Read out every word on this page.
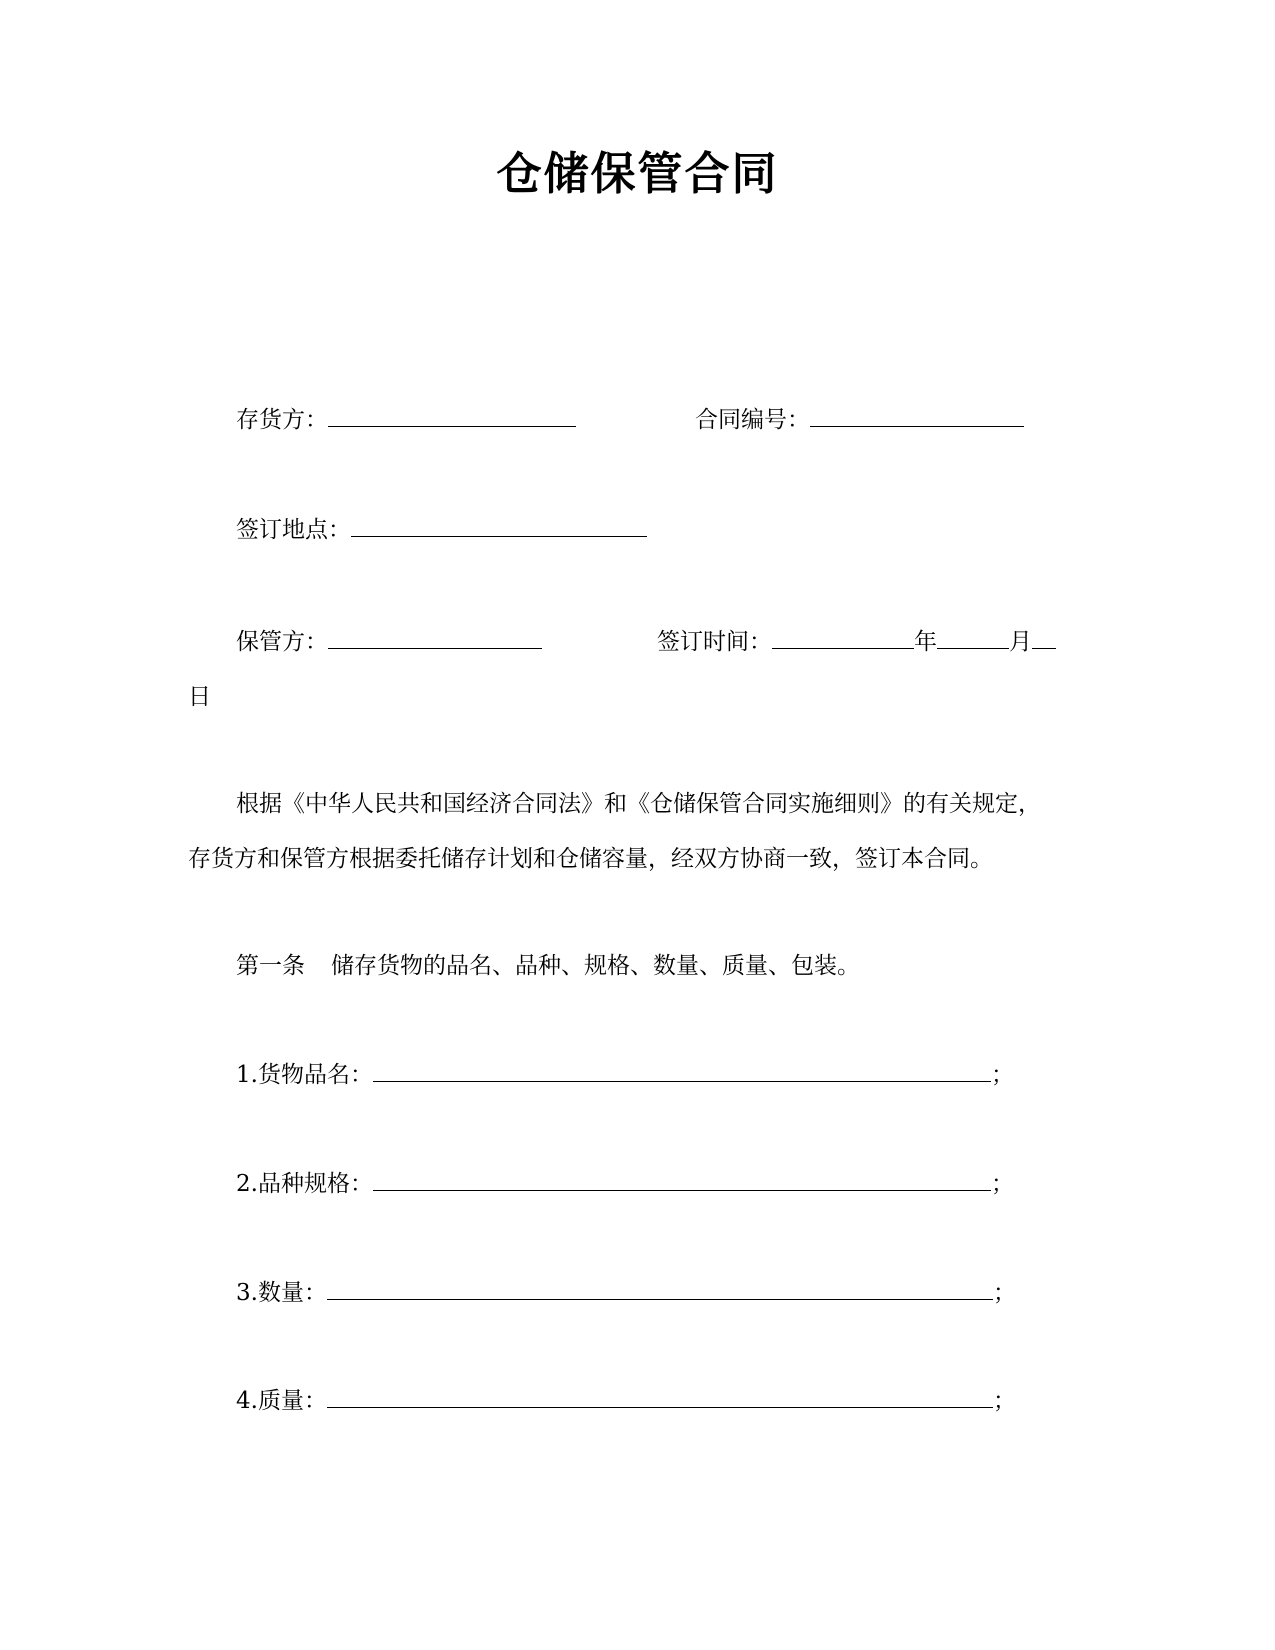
仓储保管合同
存货方：	合同编号：
签订地点：
保管方：	签订时间：	年	月
日
根据《中华人民共和国经济合同法》和《仓储保管合同实施细则》的有关规定，
存货方和保管方根据委托储存计划和仓储容量，经双方协商一致，签订本合同。
第一条 储存货物的品名、品种、规格、数量、质量、包装。
1.货物品名：	；
2.品种规格：	；
3.数量：	；
4.质量：	；
